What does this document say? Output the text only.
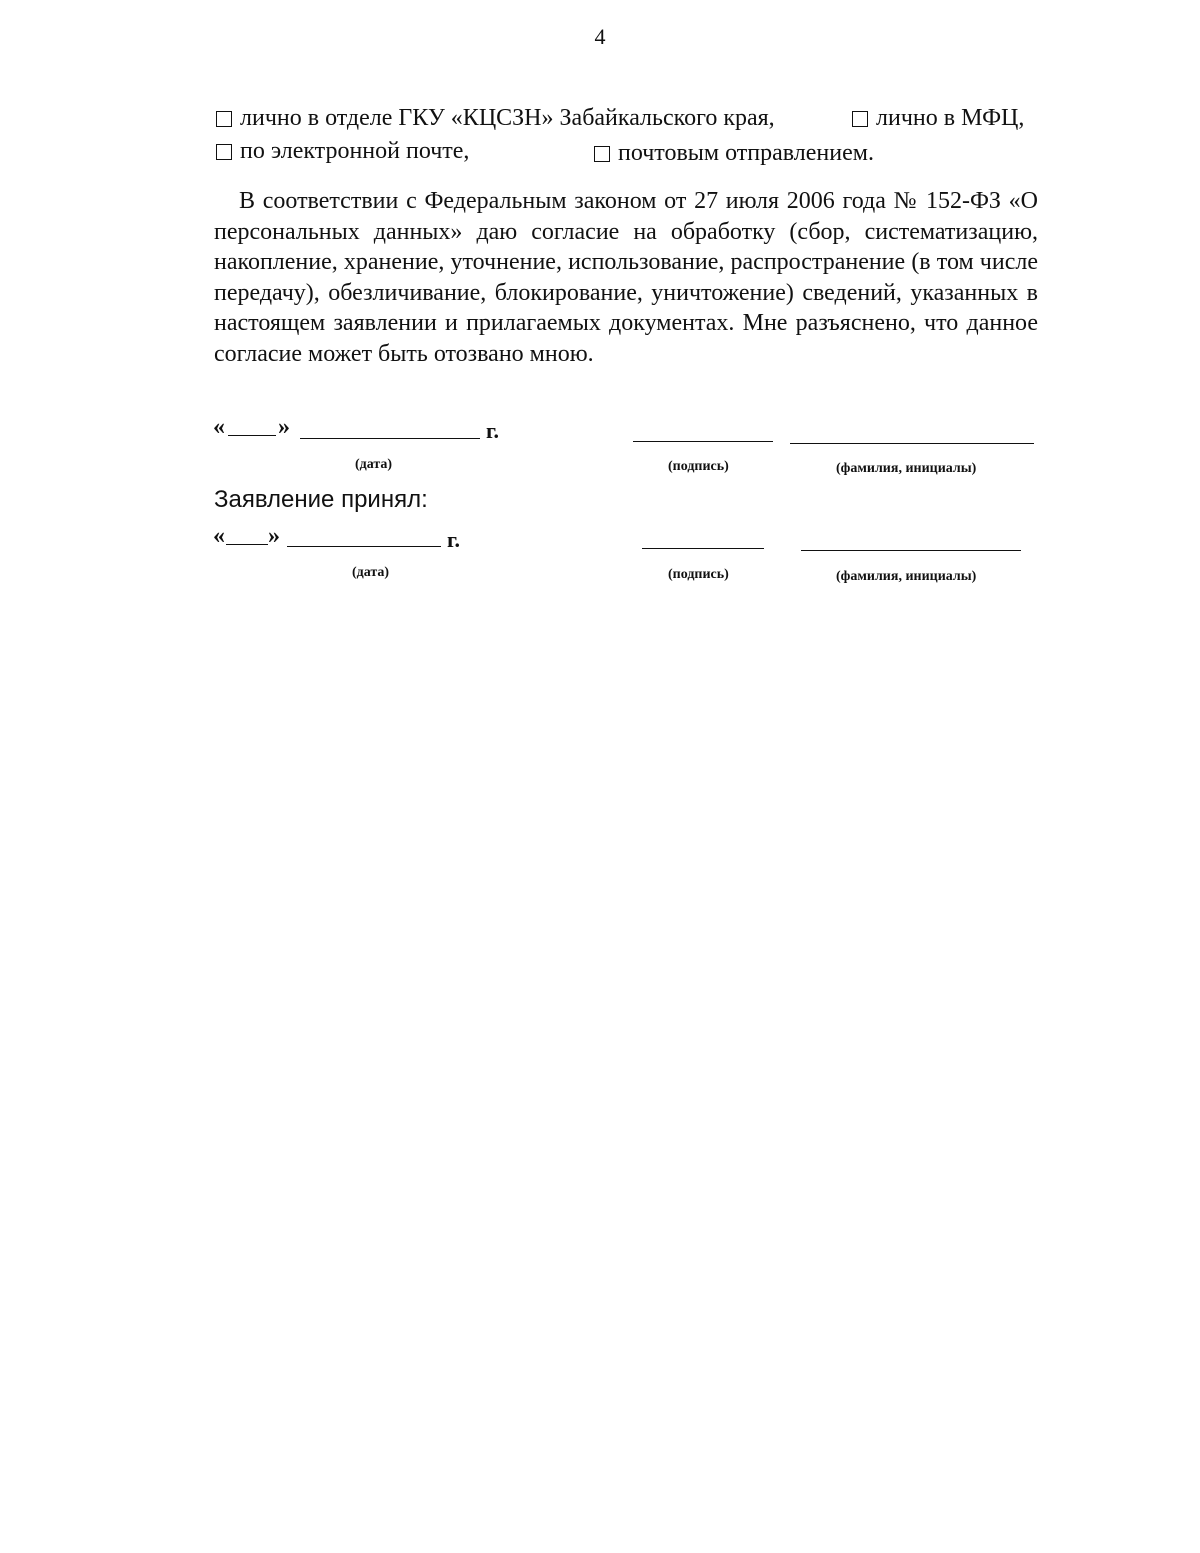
4
лично в отделе ГКУ «КЦСЗН» Забайкальского края,	лично в МФЦ,
по электронной почте,	почтовым отправлением.

В соответствии с Федеральным законом от 27 июля 2006 года № 152-ФЗ «О персональных данных» даю согласие на обработку (сбор, систематизацию, накопление, хранение, уточнение, использование, распространение (в том числе передачу), обезличивание, блокирование, уничтожение) сведений, указанных в настоящем заявлении и прилагаемых документах. Мне разъяснено, что данное согласие может быть отозвано мною.

« »	г.
(дата)	(подпись)	(фамилия, инициалы)
Заявление принял:
« »	г.
(дата)	(подпись)	(фамилия, инициалы)
